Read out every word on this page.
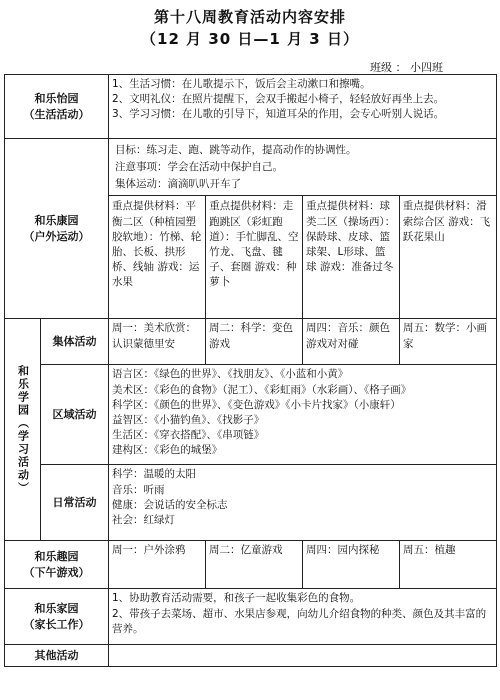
第十八周教育活动内容安排
（12 月 30 日—1 月 3 日）
班级 ： 小四班
和乐怡园
（生活活动）

1、生活习惯：在儿歌提示下，饭后会主动漱口和擦嘴。
2、文明礼仪：在照片提醒下，会双手搬起小椅子，轻轻放好再坐上去。
3、学习习惯：在儿歌的引导下，知道耳朵的作用，会专心听别人说话。

和乐康园
（户外运动）

目标：练习走、跑、跳等动作，提高动作的协调性。
注意事项：学会在活动中保护自己。
集体运动：滴滴叭叭开车了
重点提供材料：平衡二区（种植园塑胶软地）：竹梯、轮胎、长板、拱形桥、线轴 游戏：运水果	重点提供材料：走跑跳区（彩虹跑道）：手忙脚乱、空竹龙、飞盘、毽子、套圈 游戏：种萝卜	重点提供材料：球类二区（操场西）：保龄球、皮球、篮球架、L形球、篮球 游戏：准备过冬	重点提供材料：滑索综合区 游戏：飞跃花果山

和乐学园（学习活动）
	集体活动	周一：美术欣赏：认识蒙德里安	周二：科学：变色游戏	周四：音乐：颜色游戏对对碰	周五：数学：小画家
区域活动	
语言区：《绿色的世界》、《找朋友》、《小蓝和小黄》
美术区：《彩色的食物》（泥工）、《彩虹雨》（水彩画）、《格子画》
科学区：《颜色的世界》、《变色游戏》《小卡片找家》（小康轩）
益智区：《小猫钓鱼》、《找影子》
生活区：《穿衣搭配》、《串项链》
建构区：《彩色的城堡》

日常活动	
科学：温暖的太阳
音乐：听雨
健康：会说话的安全标志
社会：红绿灯

和乐趣园
（下午游戏）
	周一：户外涂鸦	周二：亿童游戏	周四：园内探秘	周五：植趣

和乐家园
（家长工作）

1、协助教育活动需要，和孩子一起收集彩色的食物。
2、带孩子去菜场、超市、水果店参观，向幼儿介绍食物的种类、颜色及其丰富的营养。

其他活动	
